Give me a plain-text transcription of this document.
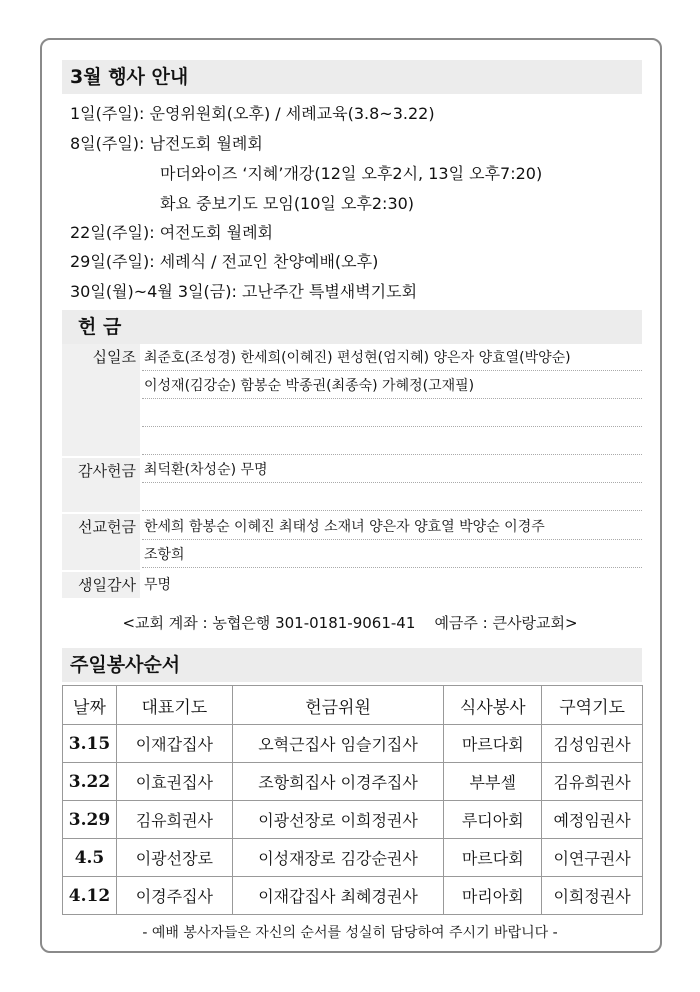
3월 행사 안내
1일(주일): 운영위원회(오후) / 세례교육(3.8~3.22)
8일(주일): 남전도회 월례회
마더와이즈 ‘지혜’개강(12일 오후2시, 13일 오후7:20)
화요 중보기도 모임(10일 오후2:30)
22일(주일): 여전도회 월례회
29일(주일): 세례식 / 전교인 찬양예배(오후)
30일(월)~4월 3일(금): 고난주간 특별새벽기도회
헌 금
십일조 최준호(조성경) 한세희(이혜진) 편성현(엄지혜) 양은자 양효열(박양순)
이성재(김강순) 함봉순 박종권(최종숙) 가혜정(고재필)
감사헌금 최덕환(차성순) 무명
선교헌금 한세희 함봉순 이혜진 최태성 소재녀 양은자 양효열 박양순 이경주
조항희
생일감사 무명
<교회 계좌 : 농협은행 301-0181-9061-41    예금주 : 큰사랑교회>
주일봉사순서
날짜	대표기도	헌금위원	식사봉사	구역기도
3.15	이재갑집사	오혁근집사 임슬기집사	마르다회	김성임권사
3.22	이효권집사	조항희집사 이경주집사	부부셀	김유희권사
3.29	김유희권사	이광선장로 이희정권사	루디아회	예정임권사
4.5	이광선장로	이성재장로 김강순권사	마르다회	이연구권사
4.12	이경주집사	이재갑집사 최혜경권사	마리아회	이희정권사
- 예배 봉사자들은 자신의 순서를 성실히 담당하여 주시기 바랍니다 -
